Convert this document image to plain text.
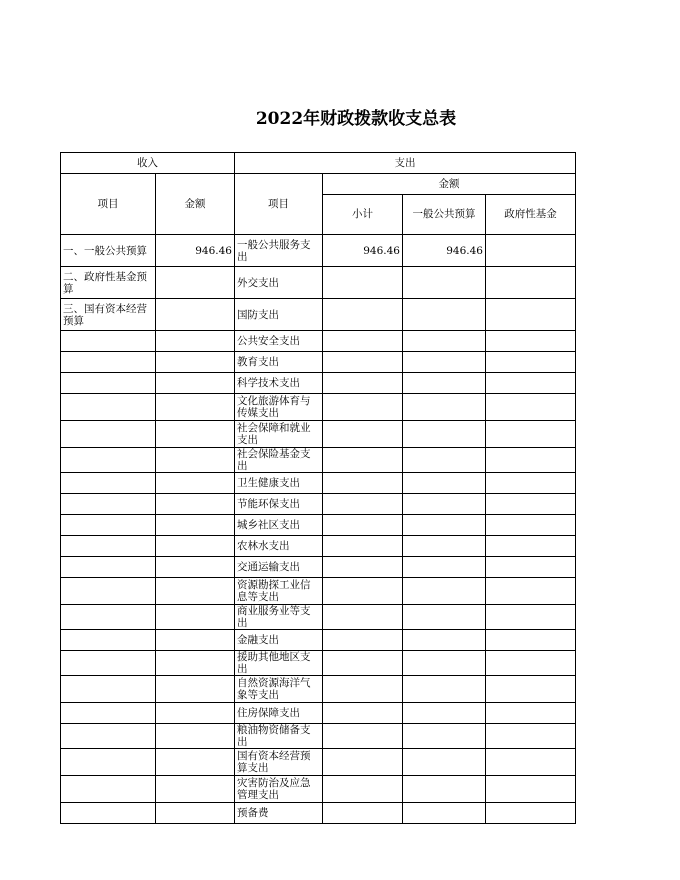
2022年财政拨款收支总表
收入		支出			
项目	金额	项目	金额		
			小计	一般公共预算	政府性基金
一、一般公共预算	946.46	一般公共服务支出	946.46	946.46	
二、政府性基金预算		外交支出			
三、国有资本经营预算		国防支出			
		公共安全支出			
		教育支出			
		科学技术支出			
		文化旅游体育与传媒支出			
		社会保障和就业支出			
		社会保险基金支出			
		卫生健康支出			
		节能环保支出			
		城乡社区支出			
		农林水支出			
		交通运输支出			
		资源勘探工业信息等支出			
		商业服务业等支出			
		金融支出			
		援助其他地区支出			
		自然资源海洋气象等支出			
		住房保障支出			
		粮油物资储备支出			
		国有资本经营预算支出			
		灾害防治及应急管理支出			
		预备费			
